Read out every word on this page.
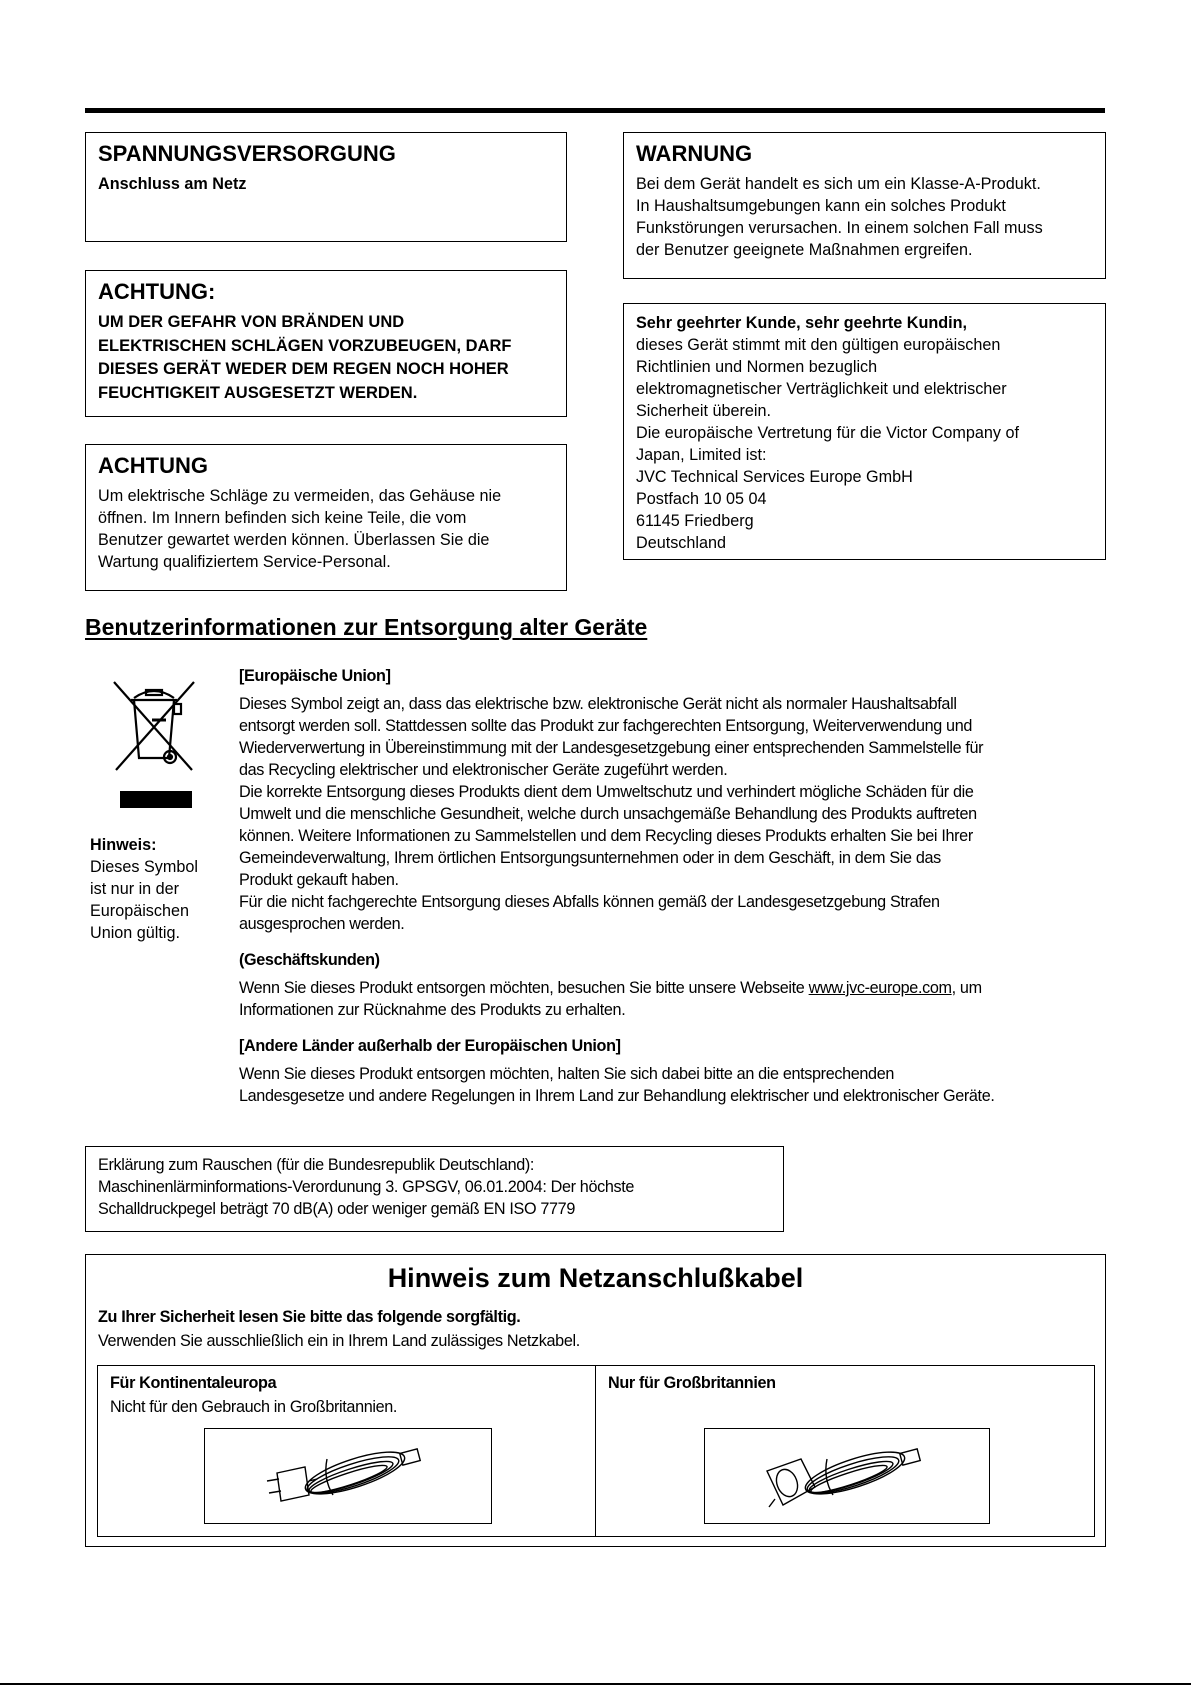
SPANNUNGSVERSORGUNG

Anschluss am Netz

WARNUNG

Bei dem Gerät handelt es sich um ein Klasse-A-Produkt.

In Haushaltsumgebungen kann ein solches Produkt

Funkstörungen verursachen. In einem solchen Fall muss

der Benutzer geeignete Maßnahmen ergreifen.

ACHTUNG:

UM DER GEFAHR VON BRÄNDEN UND

ELEKTRISCHEN SCHLÄGEN VORZUBEUGEN, DARF

DIESES GERÄT WEDER DEM REGEN NOCH HOHER

FEUCHTIGKEIT AUSGESETZT WERDEN.

ACHTUNG

Um elektrische Schläge zu vermeiden, das Gehäuse nie

öffnen. Im Innern befinden sich keine Teile, die vom

Benutzer gewartet werden können. Überlassen Sie die

Wartung qualifiziertem Service-Personal.

Sehr geehrter Kunde, sehr geehrte Kundin,

dieses Gerät stimmt mit den gültigen europäischen

Richtlinien und Normen bezuglich

elektromagnetischer Verträglichkeit und elektrischer

Sicherheit überein.

Die europäische Vertretung für die Victor Company of

Japan, Limited ist:

JVC Technical Services Europe GmbH

Postfach 10 05 04

61145 Friedberg

Deutschland

Benutzerinformationen zur Entsorgung alter Geräte

Hinweis:

Dieses Symbol

ist nur in der

Europäischen

Union gültig.

[Europäische Union]

Dieses Symbol zeigt an, dass das elektrische bzw. elektronische Gerät nicht als normaler Haushaltsabfall

entsorgt werden soll. Stattdessen sollte das Produkt zur fachgerechten Entsorgung, Weiterverwendung und

Wiederverwertung in Übereinstimmung mit der Landesgesetzgebung einer entsprechenden Sammelstelle für

das Recycling elektrischer und elektronischer Geräte zugeführt werden.

Die korrekte Entsorgung dieses Produkts dient dem Umweltschutz und verhindert mögliche Schäden für die

Umwelt und die menschliche Gesundheit, welche durch unsachgemäße Behandlung des Produkts auftreten

können. Weitere Informationen zu Sammelstellen und dem Recycling dieses Produkts erhalten Sie bei Ihrer

Gemeindeverwaltung, Ihrem örtlichen Entsorgungsunternehmen oder in dem Geschäft, in dem Sie das

Produkt gekauft haben.

Für die nicht fachgerechte Entsorgung dieses Abfalls können gemäß der Landesgesetzgebung Strafen

ausgesprochen werden.

(Geschäftskunden)

Wenn Sie dieses Produkt entsorgen möchten, besuchen Sie bitte unsere Webseite www.jvc-europe.com, um

Informationen zur Rücknahme des Produkts zu erhalten.

[Andere Länder außerhalb der Europäischen Union]

Wenn Sie dieses Produkt entsorgen möchten, halten Sie sich dabei bitte an die entsprechenden

Landesgesetze und andere Regelungen in Ihrem Land zur Behandlung elektrischer und elektronischer Geräte.

Erklärung zum Rauschen (für die Bundesrepublik Deutschland):

Maschinenlärminformations-Verordunung 3. GPSGV, 06.01.2004: Der höchste

Schalldruckpegel beträgt 70 dB(A) oder weniger gemäß EN ISO 7779

Hinweis zum Netzanschlußkabel

Zu Ihrer Sicherheit lesen Sie bitte das folgende sorgfältig.

Verwenden Sie ausschließlich ein in Ihrem Land zulässiges Netzkabel.

Für Kontinentaleuropa

Nicht für den Gebrauch in Großbritannien.

Nur für Großbritannien
